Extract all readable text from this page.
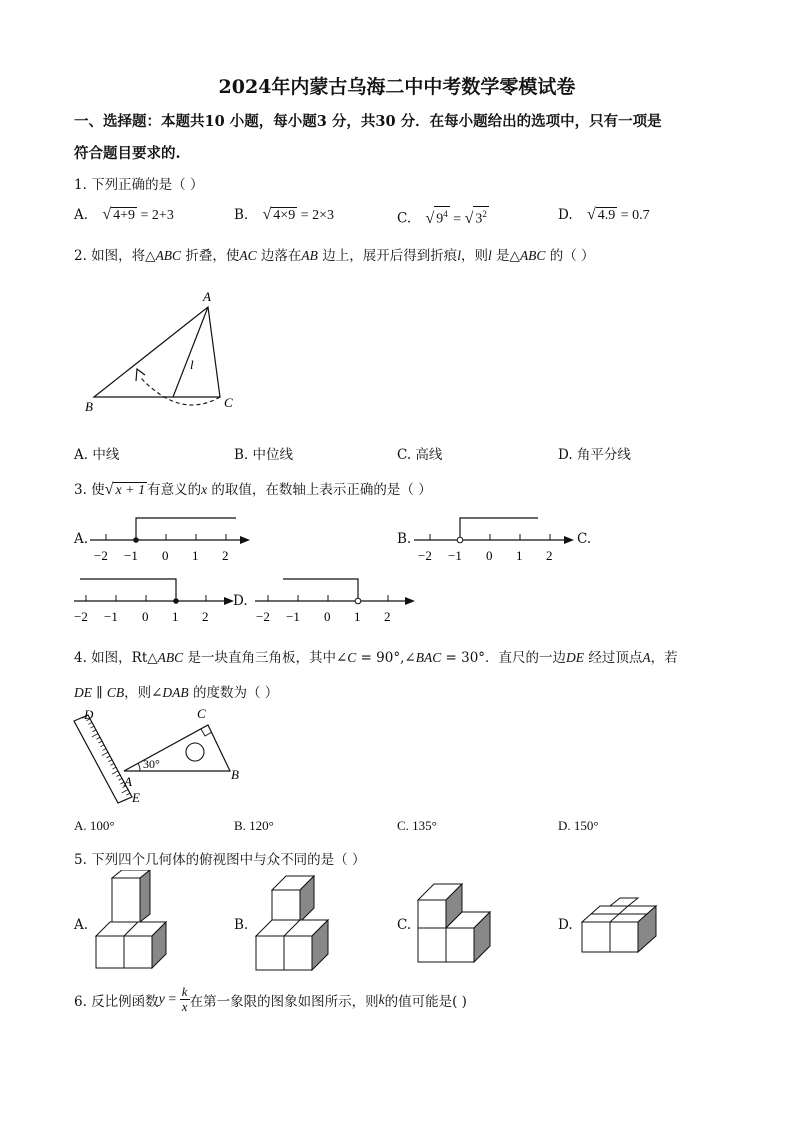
2024年内蒙古乌海二中中考数学零模试卷
一、选择题：本题共10 小题，每小题3 分，共30 分．在每小题给出的选项中，只有一项是
符合题目要求的.
1. 下列正确的是（ ）
A. √ 4+9 = 2+3	B. √ 4×9 = 2×3	C. √ $9^4$ = √ $3^2$	D. √ 4.9 = 0.7
2. 如图，将△ABC 折叠，使AC 边落在AB 边上，展开后得到折痕l，则l 是△ABC 的（ ）
A
B	C
l
A. 中线	B. 中位线	C. 高线	D. 角平分线
3. 使√ x + 1 有意义的x 的取值，在数轴上表示正确的是（ ）
A.
−2 −1 0 1 2
B.
−2 −1 0 1 2
C.
−2 −1 0 1 2
D.
−2 −1 0 1 2
4. 如图，Rt△ABC 是一块直角三角板，其中∠C = 90°,∠BAC = 30°．直尺的一边DE 经过顶点A，若
DE ∥ CB，则∠DAB 的度数为（ ）
D	C
A
E
B
30°
A. 100°	B. 120°	C. 135°	D. 150°
5. 下列四个几何体的俯视图中与众不同的是（ ）
A.	B.	C.	D.
6. 反比例函数 $y = \frac{k}{x}$ 在第一象限的图象如图所示，则 k 的值可能是( )
